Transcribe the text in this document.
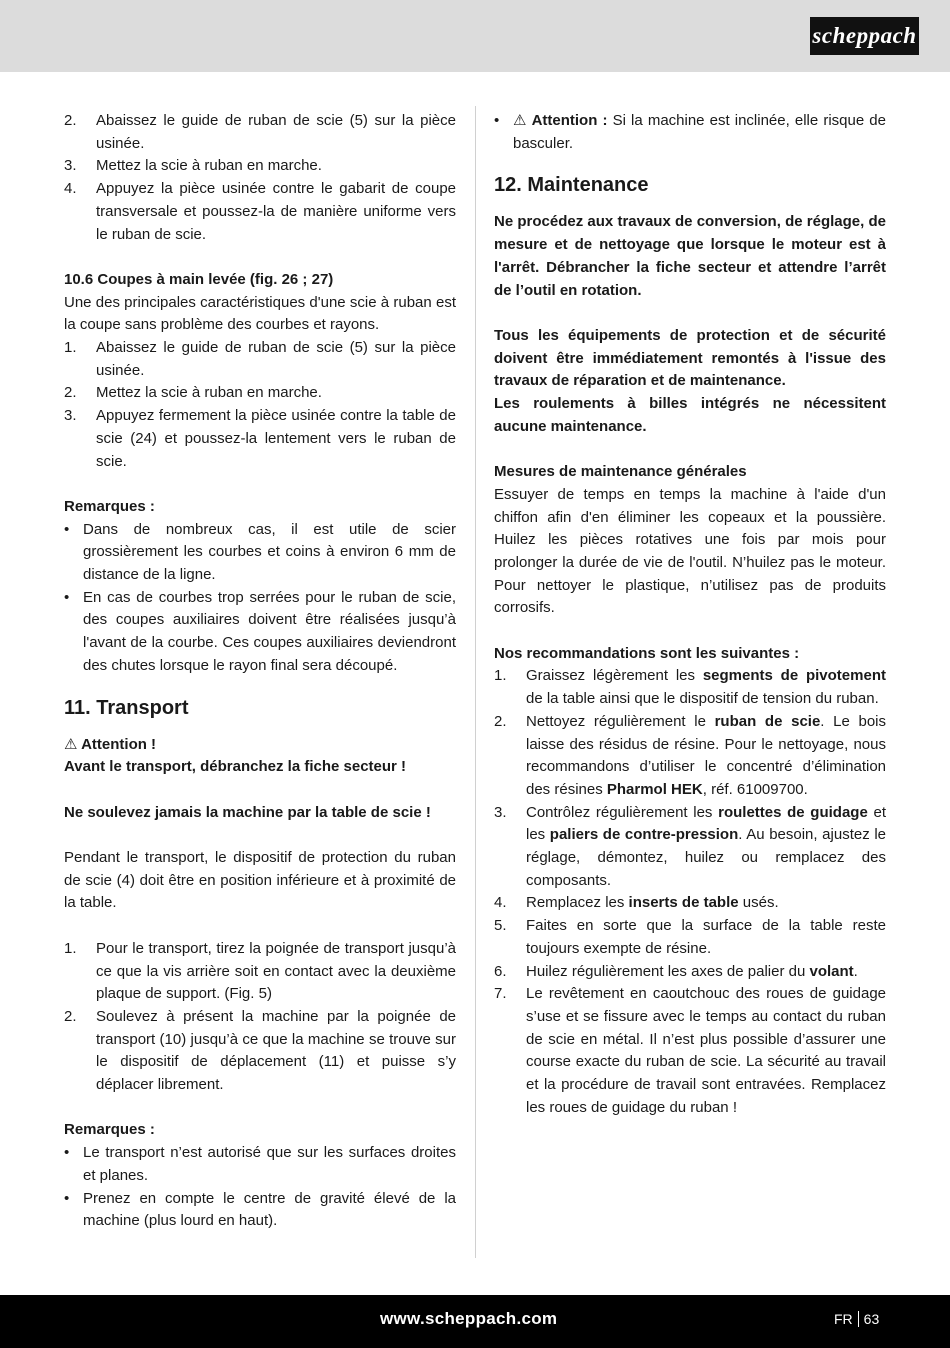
scheppach
2. Abaissez le guide de ruban de scie (5) sur la pièce usinée.
3. Mettez la scie à ruban en marche.
4. Appuyez la pièce usinée contre le gabarit de coupe transversale et poussez-la de manière uniforme vers le ruban de scie.
10.6 Coupes à main levée (fig. 26 ; 27)

Une des principales caractéristiques d'une scie à ruban est la coupe sans problème des courbes et rayons.

1. Abaissez le guide de ruban de scie (5) sur la pièce usinée.
2. Mettez la scie à ruban en marche.
3. Appuyez fermement la pièce usinée contre la table de scie (24) et poussez-la lentement vers le ruban de scie.
Remarques :
• Dans de nombreux cas, il est utile de scier grossièrement les courbes et coins à environ 6 mm de distance de la ligne.
• En cas de courbes trop serrées pour le ruban de scie, des coupes auxiliaires doivent être réalisées jusqu’à l'avant de la courbe. Ces coupes auxiliaires deviendront des chutes lorsque le rayon final sera découpé.
11. Transport

⚠ Attention !

Avant le transport, débranchez la fiche secteur !

Ne soulevez jamais la machine par la table de scie !

Pendant le transport, le dispositif de protection du ruban de scie (4) doit être en position inférieure et à proximité de la table.

1. Pour le transport, tirez la poignée de transport jusqu’à ce que la vis arrière soit en contact avec la deuxième plaque de support. (Fig. 5)
2. Soulevez à présent la machine par la poignée de transport (10) jusqu’à ce que la machine se trouve sur le dispositif de déplacement (11) et puisse s’y déplacer librement.
Remarques :
• Le transport n’est autorisé que sur les surfaces droites et planes.
• Prenez en compte le centre de gravité élevé de la machine (plus lourd en haut).
• ⚠ Attention : Si la machine est inclinée, elle risque de basculer.
12. Maintenance

Ne procédez aux travaux de conversion, de réglage, de mesure et de nettoyage que lorsque le moteur est à l'arrêt. Débrancher la fiche secteur et attendre l’arrêt de l’outil en rotation.

Tous les équipements de protection et de sécurité doivent être immédiatement remontés à l'issue des travaux de réparation et de maintenance.

Les roulements à billes intégrés ne nécessitent aucune maintenance.

Mesures de maintenance générales

Essuyer de temps en temps la machine à l'aide d'un chiffon afin d'en éliminer les copeaux et la poussière. Huilez les pièces rotatives une fois par mois pour prolonger la durée de vie de l'outil. N’huilez pas le moteur. Pour nettoyer le plastique, n’utilisez pas de produits corrosifs.

Nos recommandations sont les suivantes :
1. Graissez légèrement les segments de pivotement de la table ainsi que le dispositif de tension du ruban.
2. Nettoyez régulièrement le ruban de scie. Le bois laisse des résidus de résine. Pour le nettoyage, nous recommandons d’utiliser le concentré d’élimination des résines Pharmol HEK, réf. 61009700.
3. Contrôlez régulièrement les roulettes de guidage et les paliers de contre-pression. Au besoin, ajustez le réglage, démontez, huilez ou remplacez des composants.
4. Remplacez les inserts de table usés.
5. Faites en sorte que la surface de la table reste toujours exempte de résine.
6. Huilez régulièrement les axes de palier du volant.
7. Le revêtement en caoutchouc des roues de guidage s’use et se fissure avec le temps au contact du ruban de scie en métal. Il n’est plus possible d’assurer une course exacte du ruban de scie. La sécurité au travail et la procédure de travail sont entravées. Remplacez les roues de guidage du ruban !
www.scheppach.com	FR 63
